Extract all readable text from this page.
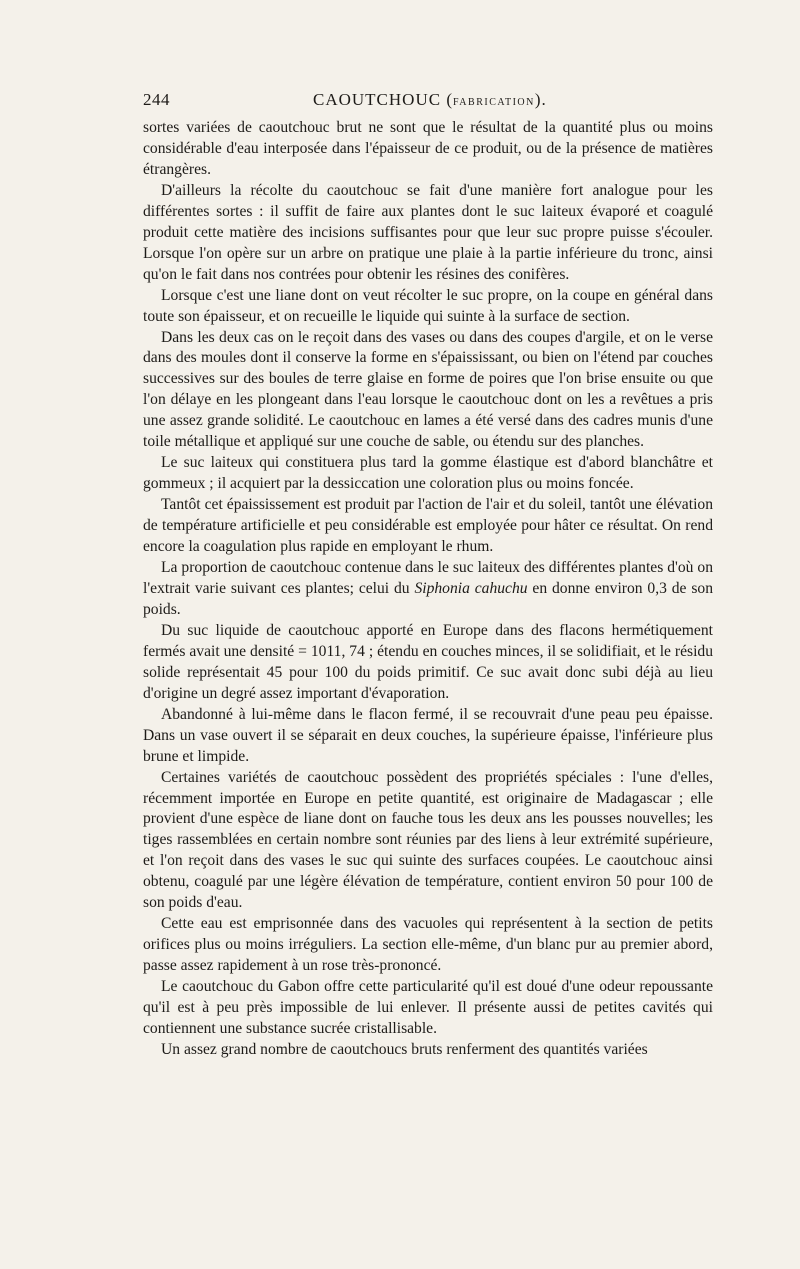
244	CAOUTCHOUC (FABRICATION).

sortes variées de caoutchouc brut ne sont que le résultat de la quantité plus ou moins considérable d'eau interposée dans l'épaisseur de ce produit, ou de la présence de matières étrangères.

D'ailleurs la récolte du caoutchouc se fait d'une manière fort analogue pour les différentes sortes : il suffit de faire aux plantes dont le suc laiteux évaporé et coagulé produit cette matière des incisions suffisantes pour que leur suc propre puisse s'écouler. Lorsque l'on opère sur un arbre on pratique une plaie à la partie inférieure du tronc, ainsi qu'on le fait dans nos contrées pour obtenir les résines des conifères.

Lorsque c'est une liane dont on veut récolter le suc propre, on la coupe en général dans toute son épaisseur, et on recueille le liquide qui suinte à la surface de section.

Dans les deux cas on le reçoit dans des vases ou dans des coupes d'argile, et on le verse dans des moules dont il conserve la forme en s'épaississant, ou bien on l'étend par couches successives sur des boules de terre glaise en forme de poires que l'on brise ensuite ou que l'on délaye en les plongeant dans l'eau lorsque le caoutchouc dont on les a revêtues a pris une assez grande solidité. Le caoutchouc en lames a été versé dans des cadres munis d'une toile métallique et appliqué sur une couche de sable, ou étendu sur des planches.

Le suc laiteux qui constituera plus tard la gomme élastique est d'abord blanchâtre et gommeux ; il acquiert par la dessiccation une coloration plus ou moins foncée.

Tantôt cet épaississement est produit par l'action de l'air et du soleil, tantôt une élévation de température artificielle et peu considérable est employée pour hâter ce résultat. On rend encore la coagulation plus rapide en employant le rhum.

La proportion de caoutchouc contenue dans le suc laiteux des différentes plantes d'où on l'extrait varie suivant ces plantes; celui du Siphonia cahuchu en donne environ 0,3 de son poids.

Du suc liquide de caoutchouc apporté en Europe dans des flacons hermétiquement fermés avait une densité = 1011, 74 ; étendu en couches minces, il se solidifiait, et le résidu solide représentait 45 pour 100 du poids primitif. Ce suc avait donc subi déjà au lieu d'origine un degré assez important d'évaporation.

Abandonné à lui-même dans le flacon fermé, il se recouvrait d'une peau peu épaisse. Dans un vase ouvert il se séparait en deux couches, la supérieure épaisse, l'inférieure plus brune et limpide.

Certaines variétés de caoutchouc possèdent des propriétés spéciales : l'une d'elles, récemment importée en Europe en petite quantité, est originaire de Madagascar ; elle provient d'une espèce de liane dont on fauche tous les deux ans les pousses nouvelles; les tiges rassemblées en certain nombre sont réunies par des liens à leur extrémité supérieure, et l'on reçoit dans des vases le suc qui suinte des surfaces coupées. Le caoutchouc ainsi obtenu, coagulé par une légère élévation de température, contient environ 50 pour 100 de son poids d'eau.

Cette eau est emprisonnée dans des vacuoles qui représentent à la section de petits orifices plus ou moins irréguliers. La section elle-même, d'un blanc pur au premier abord, passe assez rapidement à un rose très-prononcé.

Le caoutchouc du Gabon offre cette particularité qu'il est doué d'une odeur repoussante qu'il est à peu près impossible de lui enlever. Il présente aussi de petites cavités qui contiennent une substance sucrée cristallisable.

Un assez grand nombre de caoutchoucs bruts renferment des quantités variées
